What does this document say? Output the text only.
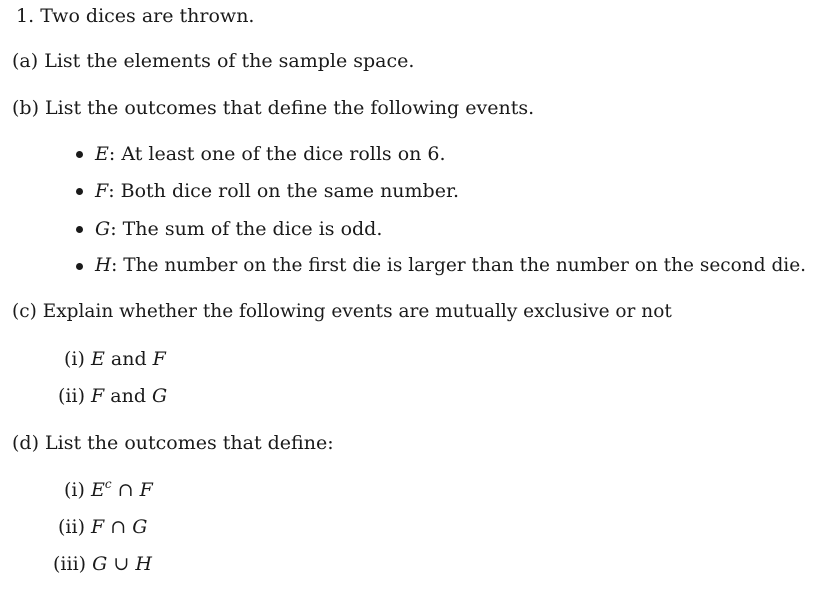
1. Two dices are thrown.
(a) List the elements of the sample space.
(b) List the outcomes that define the following events.
E: At least one of the dice rolls on 6.
F: Both dice roll on the same number.
G: The sum of the dice is odd.
H: The number on the first die is larger than the number on the second die.
(c) Explain whether the following events are mutually exclusive or not
(i) E and F
(ii) F and G
(d) List the outcomes that define:
(i) $E^c$ ∩ F
(ii) F ∩ G
(iii) G ∪ H
